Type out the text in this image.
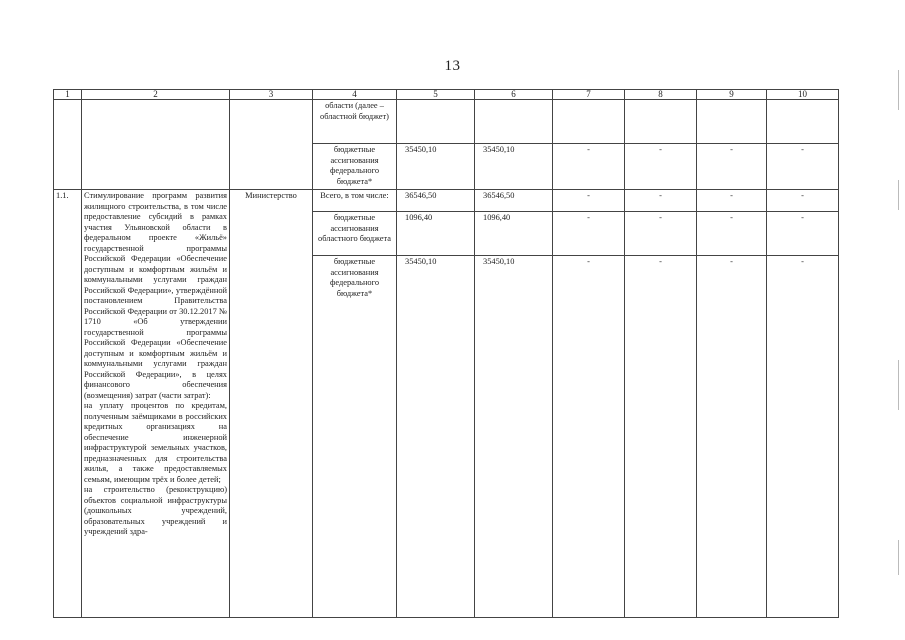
13
1	2	3	4	5	6	7	8	9	10
			области (далее – областной бюджет)						
			бюджетные ассигнования федерального бюджета*	35450,10	35450,10	-	-	-	-
1.1.	Стимулирование программ развития жилищного строительства, в том числе предоставление субсидий в рамках участия Ульяновской области в федеральном проекте «Жильё» государственной программы Российской Федерации «Обеспечение доступным и комфортным жильём и коммунальными услугами граждан Российской Федерации», утверждённой постановлением Правительства Российской Федерации от 30.12.2017 № 1710 «Об утверждении государственной программы Российской Федерации «Обеспечение доступным и комфортным жильём и коммунальными услугами граждан Российской Федерации», в целях финансового обеспечения (возмещения) затрат (части затрат):

на уплату процентов по кредитам, полученным заёмщиками в российских кредитных организациях на обеспечение инженерной инфраструктурой земельных участков, предназначенных для строительства жилья, а также предоставляемых семьям, имеющим трёх и более детей;

на строительство (реконструкцию) объектов социальной инфраструктуры (дошкольных учреждений, образовательных учреждений и учреждений здра-	Министерство	Всего, в том числе:	36546,50	36546,50	-	-	-	-
			бюджетные ассигнования областного бюджета	1096,40	1096,40	-	-	-	-
			бюджетные ассигнования федерального бюджета*	35450,10	35450,10	-	-	-	-
